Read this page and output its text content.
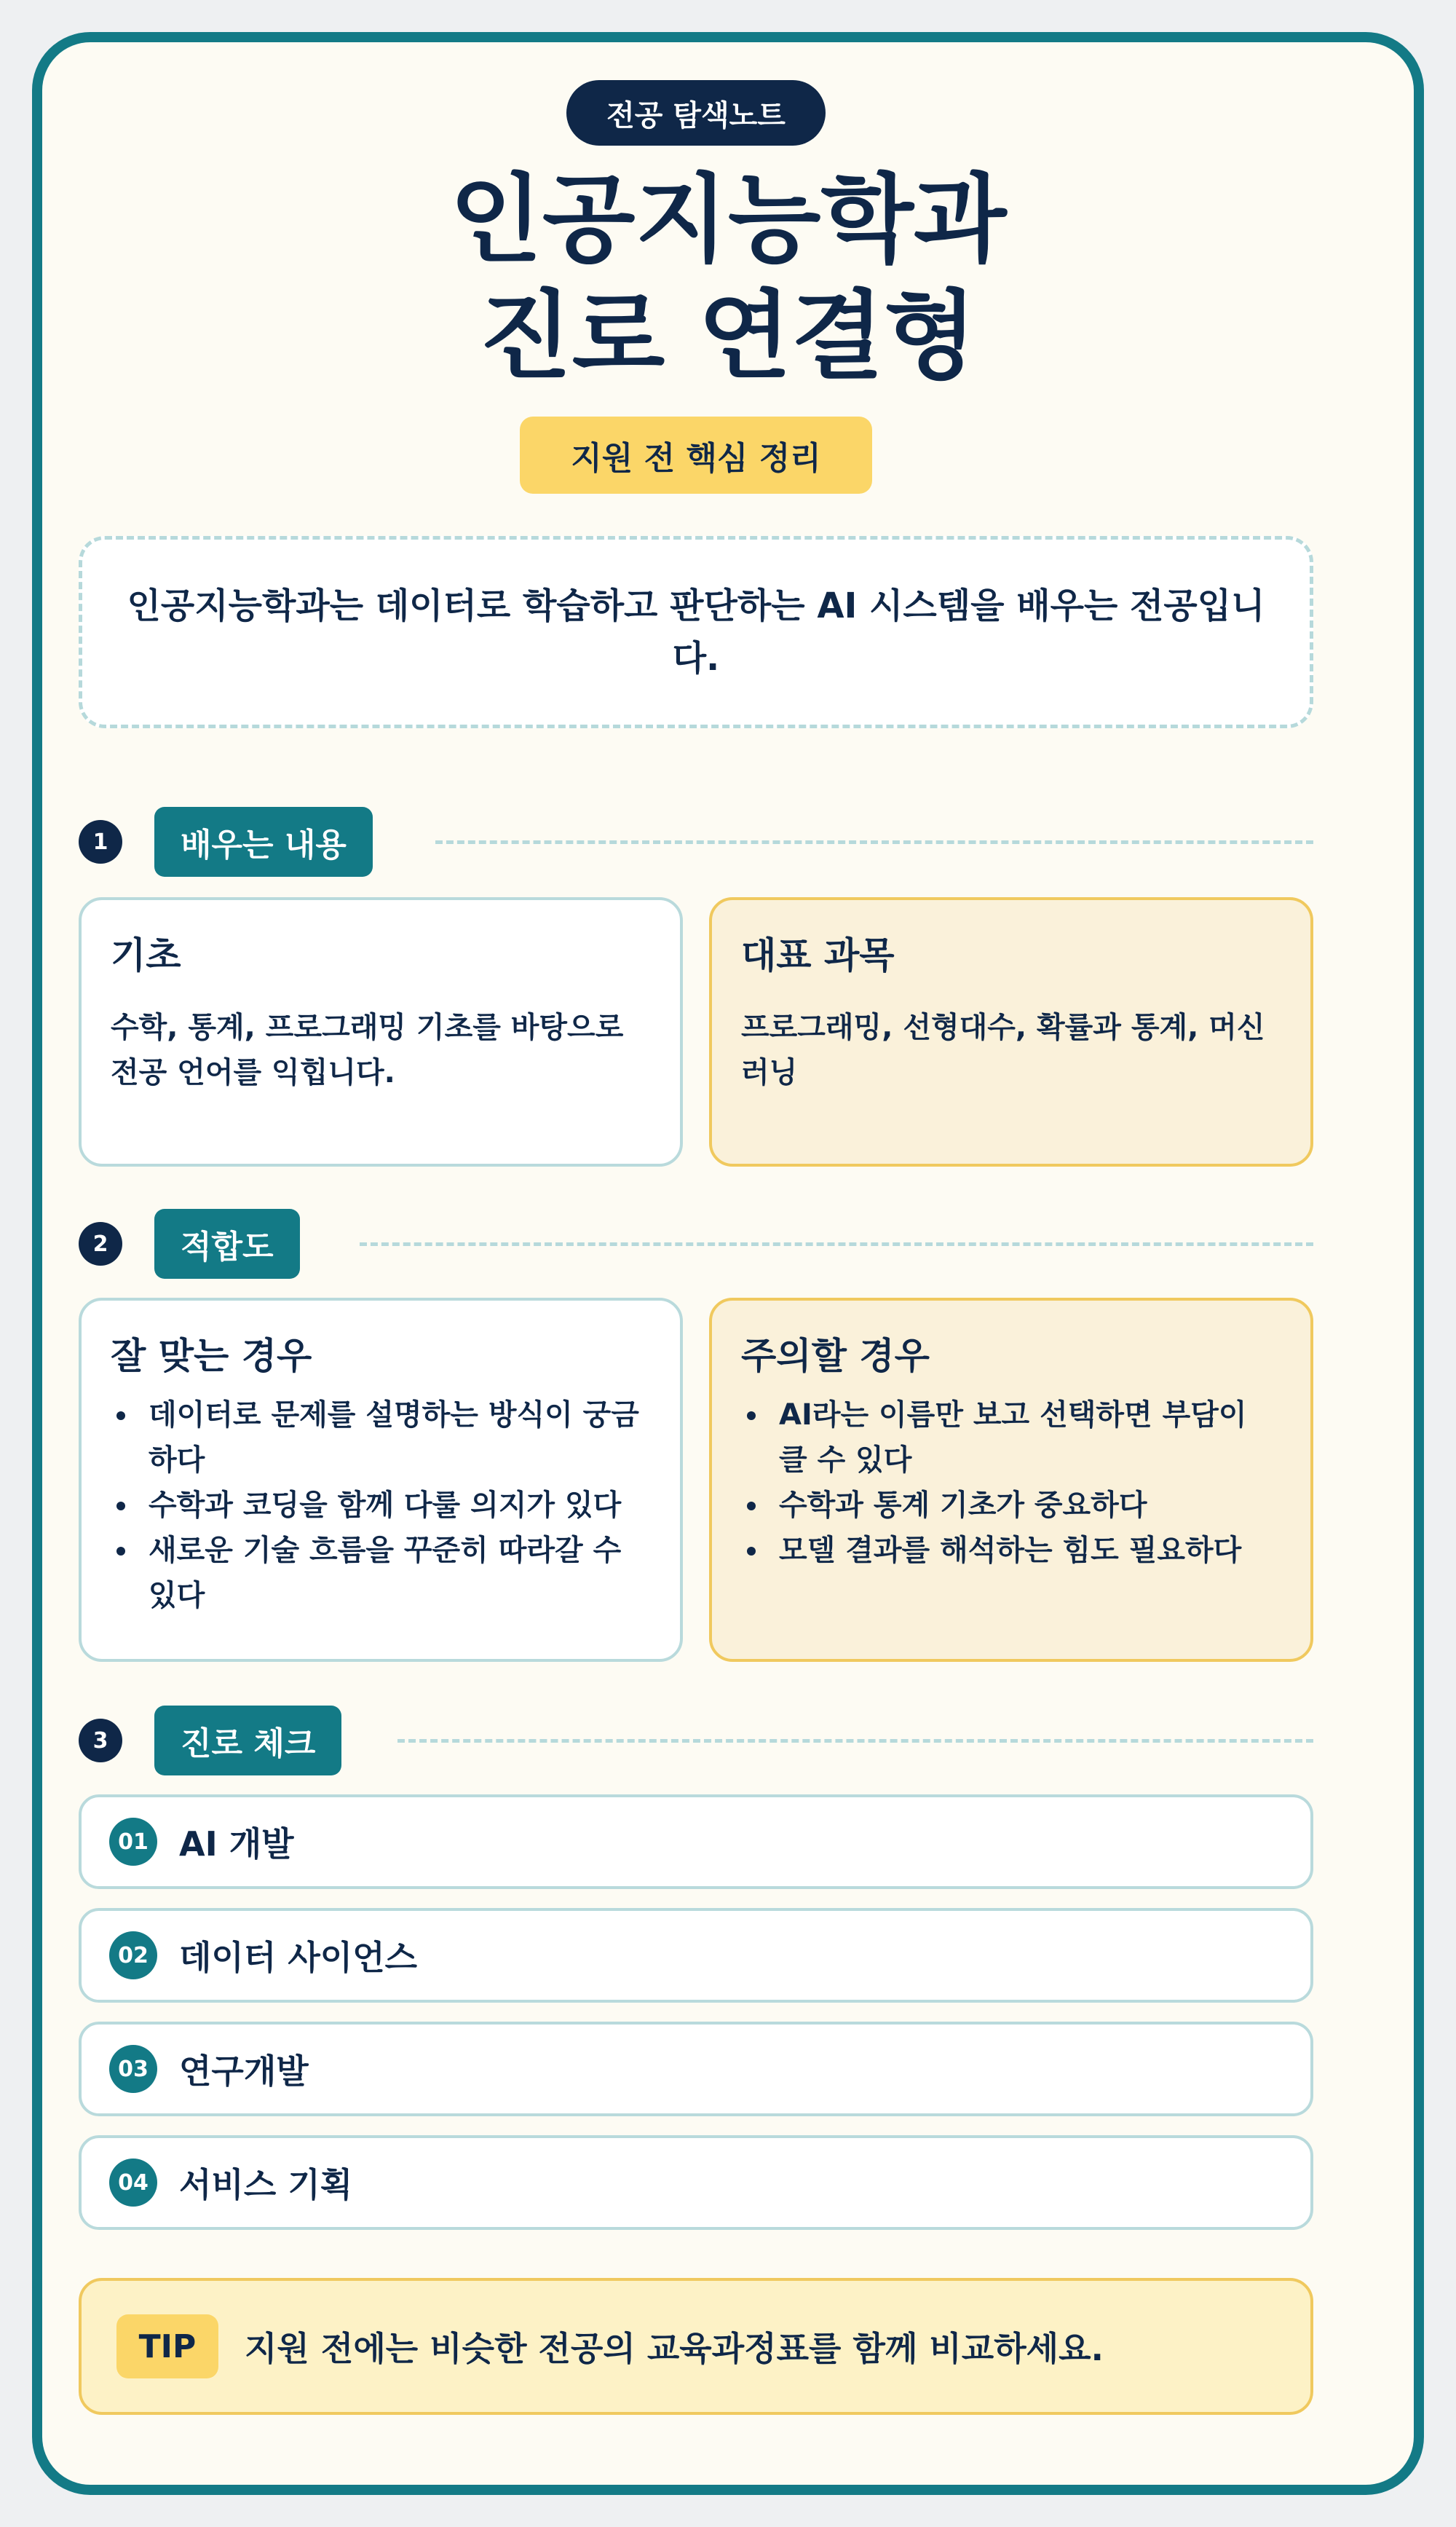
전공 탐색노트
인공지능학과
진로 연결형
지원 전 핵심 정리
인공지능학과는 데이터로 학습하고 판단하는 AI 시스템을 배우는 전공입니다.
1	배우는 내용
기초

수학, 통계, 프로그래밍 기초를 바탕으로 전공 언어를 익힙니다.

대표 과목

프로그래밍, 선형대수, 확률과 통계, 머신러닝

2	적합도
잘 맞는 경우
데이터로 문제를 설명하는 방식이 궁금하다
수학과 코딩을 함께 다룰 의지가 있다
새로운 기술 흐름을 꾸준히 따라갈 수 있다
주의할 경우
AI라는 이름만 보고 선택하면 부담이 클 수 있다
수학과 통계 기초가 중요하다
모델 결과를 해석하는 힘도 필요하다
3	진로 체크
01 AI 개발
02 데이터 사이언스
03 연구개발
04 서비스 기획
TIP	지원 전에는 비슷한 전공의 교육과정표를 함께 비교하세요.
